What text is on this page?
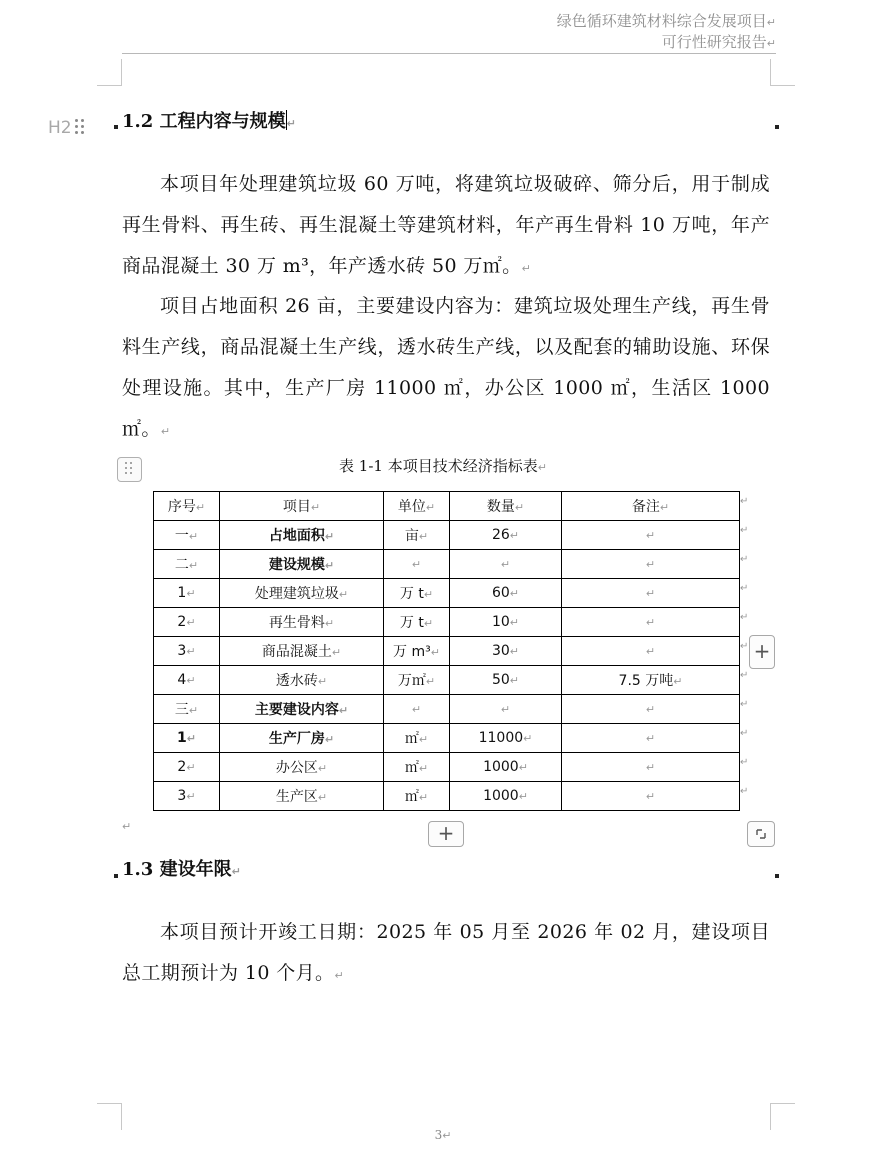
绿色循环建筑材料综合发展项目↵
可行性研究报告↵
H2	1.2 工程内容与规模↵
本项目年处理建筑垃圾 60 万吨，将建筑垃圾破碎、筛分后，用于制成再生骨料、再生砖、再生混凝土等建筑材料，年产再生骨料 10 万吨，年产商品混凝土 30 万 m³，年产透水砖 50 万㎡。↵
项目占地面积 26 亩，主要建设内容为：建筑垃圾处理生产线，再生骨料生产线，商品混凝土生产线，透水砖生产线，以及配套的辅助设施、环保处理设施。其中，生产厂房 11000 ㎡，办公区 1000 ㎡，生活区 1000 ㎡。↵
表 1-1 本项目技术经济指标表↵
序号↵	项目↵	单位↵	数量↵	备注↵
一↵	占地面积↵	亩↵	26↵	↵
二↵	建设规模↵	↵	↵	↵
1↵	处理建筑垃圾↵	万 t↵	60↵	↵
2↵	再生骨料↵	万 t↵	10↵	↵
3↵	商品混凝土↵	万 m³↵	30↵	↵
4↵	透水砖↵	万㎡↵	50↵	7.5 万吨↵
三↵	主要建设内容↵	↵	↵	↵
1↵	生产厂房↵	㎡↵	11000↵	↵
2↵	办公区↵	㎡↵	1000↵	↵
3↵	生产区↵	㎡↵	1000↵	↵
↵
↵
↵
↵
↵
↵
↵
↵
↵
↵
↵
+
+
↵
1.3 建设年限↵
本项目预计开竣工日期：2025 年 05 月至 2026 年 02 月，建设项目总工期预计为 10 个月。↵
3↵
